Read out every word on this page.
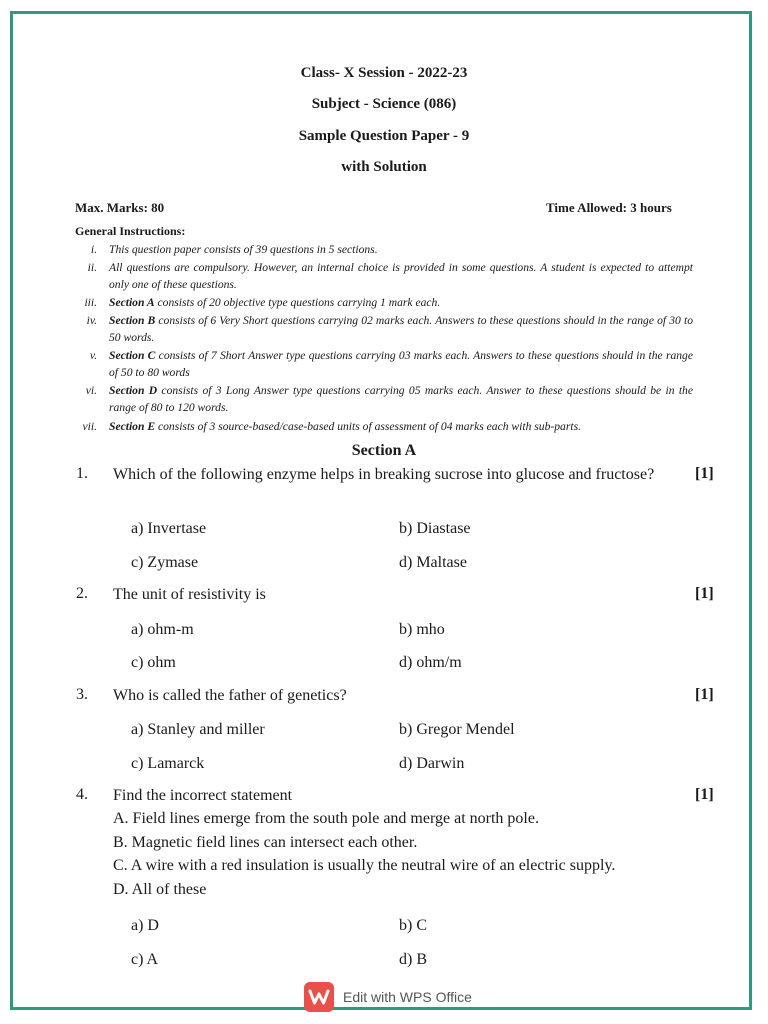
Class- X Session - 2022-23
Subject - Science (086)
Sample Question Paper - 9
with Solution
Max. Marks: 80	Time Allowed: 3 hours
General Instructions:
i. This question paper consists of 39 questions in 5 sections.
ii. All questions are compulsory. However, an internal choice is provided in some questions. A student is expected to attempt only one of these questions.
iii. Section A consists of 20 objective type questions carrying 1 mark each.
iv. Section B consists of 6 Very Short questions carrying 02 marks each. Answers to these questions should in the range of 30 to 50 words.
v. Section C consists of 7 Short Answer type questions carrying 03 marks each. Answers to these questions should in the range of 50 to 80 words
vi. Section D consists of 3 Long Answer type questions carrying 05 marks each. Answer to these questions should be in the range of 80 to 120 words.
vii. Section E consists of 3 source-based/case-based units of assessment of 04 marks each with sub-parts.
Section A
1. Which of the following enzyme helps in breaking sucrose into glucose and fructose?	[1]
a) Invertase	b) Diastase
c) Zymase	d) Maltase
2. The unit of resistivity is	[1]
a) ohm-m	b) mho
c) ohm	d) ohm/m
3. Who is called the father of genetics?	[1]
a) Stanley and miller	b) Gregor Mendel
c) Lamarck	d) Darwin
4. Find the incorrect statement	[1]
A. Field lines emerge from the south pole and merge at north pole.
B. Magnetic field lines can intersect each other.
C. A wire with a red insulation is usually the neutral wire of an electric supply.
D. All of these
a) D	b) C
c) A	d) B
Edit with WPS Office
